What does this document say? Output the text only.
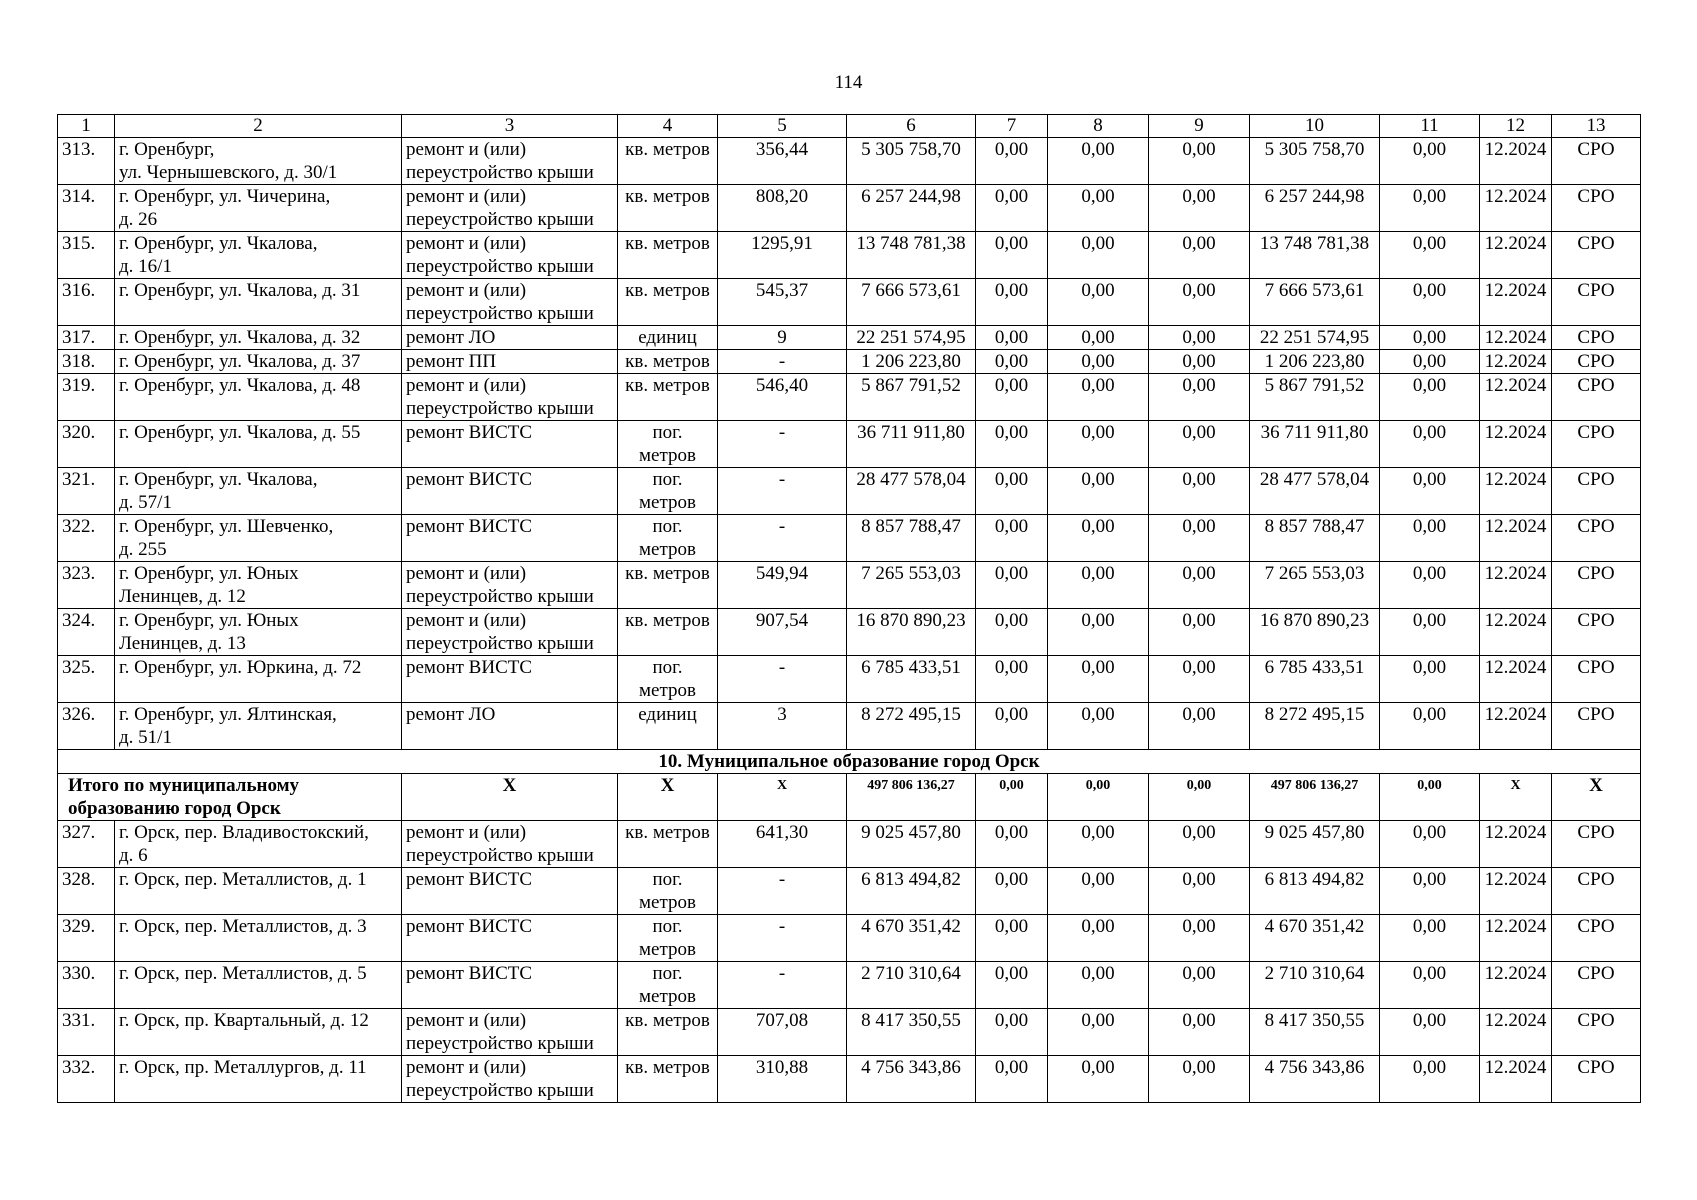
114
1	2	3	4	5	6	7	8	9	10	11	12	13
313.	г. Оренбург,
ул. Чернышевского, д. 30/1	ремонт и (или)
переустройство крыши	кв. метров	356,44	5 305 758,70	0,00	0,00	0,00	5 305 758,70	0,00	12.2024	СРО
314.	г. Оренбург, ул. Чичерина,
д. 26	ремонт и (или)
переустройство крыши	кв. метров	808,20	6 257 244,98	0,00	0,00	0,00	6 257 244,98	0,00	12.2024	СРО
315.	г. Оренбург, ул. Чкалова,
д. 16/1	ремонт и (или)
переустройство крыши	кв. метров	1295,91	13 748 781,38	0,00	0,00	0,00	13 748 781,38	0,00	12.2024	СРО
316.	г. Оренбург, ул. Чкалова, д. 31	ремонт и (или)
переустройство крыши	кв. метров	545,37	7 666 573,61	0,00	0,00	0,00	7 666 573,61	0,00	12.2024	СРО
317.	г. Оренбург, ул. Чкалова, д. 32	ремонт ЛО	единиц	9	22 251 574,95	0,00	0,00	0,00	22 251 574,95	0,00	12.2024	СРО
318.	г. Оренбург, ул. Чкалова, д. 37	ремонт ПП	кв. метров	-	1 206 223,80	0,00	0,00	0,00	1 206 223,80	0,00	12.2024	СРО
319.	г. Оренбург, ул. Чкалова, д. 48	ремонт и (или)
переустройство крыши	кв. метров	546,40	5 867 791,52	0,00	0,00	0,00	5 867 791,52	0,00	12.2024	СРО
320.	г. Оренбург, ул. Чкалова, д. 55	ремонт ВИСТС	пог.
метров	-	36 711 911,80	0,00	0,00	0,00	36 711 911,80	0,00	12.2024	СРО
321.	г. Оренбург, ул. Чкалова,
д. 57/1	ремонт ВИСТС	пог.
метров	-	28 477 578,04	0,00	0,00	0,00	28 477 578,04	0,00	12.2024	СРО
322.	г. Оренбург, ул. Шевченко,
д. 255	ремонт ВИСТС	пог.
метров	-	8 857 788,47	0,00	0,00	0,00	8 857 788,47	0,00	12.2024	СРО
323.	г. Оренбург, ул. Юных
Ленинцев, д. 12	ремонт и (или)
переустройство крыши	кв. метров	549,94	7 265 553,03	0,00	0,00	0,00	7 265 553,03	0,00	12.2024	СРО
324.	г. Оренбург, ул. Юных
Ленинцев, д. 13	ремонт и (или)
переустройство крыши	кв. метров	907,54	16 870 890,23	0,00	0,00	0,00	16 870 890,23	0,00	12.2024	СРО
325.	г. Оренбург, ул. Юркина, д. 72	ремонт ВИСТС	пог.
метров	-	6 785 433,51	0,00	0,00	0,00	6 785 433,51	0,00	12.2024	СРО
326.	г. Оренбург, ул. Ялтинская,
д. 51/1	ремонт ЛО	единиц	3	8 272 495,15	0,00	0,00	0,00	8 272 495,15	0,00	12.2024	СРО
10. Муниципальное образование город Орск												
Итого по муниципальному
образованию город Орск		Х	Х	Х	497 806 136,27	0,00	0,00	0,00	497 806 136,27	0,00	Х	Х
327.	г. Орск, пер. Владивостокский,
д. 6	ремонт и (или)
переустройство крыши	кв. метров	641,30	9 025 457,80	0,00	0,00	0,00	9 025 457,80	0,00	12.2024	СРО
328.	г. Орск, пер. Металлистов, д. 1	ремонт ВИСТС	пог.
метров	-	6 813 494,82	0,00	0,00	0,00	6 813 494,82	0,00	12.2024	СРО
329.	г. Орск, пер. Металлистов, д. 3	ремонт ВИСТС	пог.
метров	-	4 670 351,42	0,00	0,00	0,00	4 670 351,42	0,00	12.2024	СРО
330.	г. Орск, пер. Металлистов, д. 5	ремонт ВИСТС	пог.
метров	-	2 710 310,64	0,00	0,00	0,00	2 710 310,64	0,00	12.2024	СРО
331.	г. Орск, пр. Квартальный, д. 12	ремонт и (или)
переустройство крыши	кв. метров	707,08	8 417 350,55	0,00	0,00	0,00	8 417 350,55	0,00	12.2024	СРО
332.	г. Орск, пр. Металлургов, д. 11	ремонт и (или)
переустройство крыши	кв. метров	310,88	4 756 343,86	0,00	0,00	0,00	4 756 343,86	0,00	12.2024	СРО
